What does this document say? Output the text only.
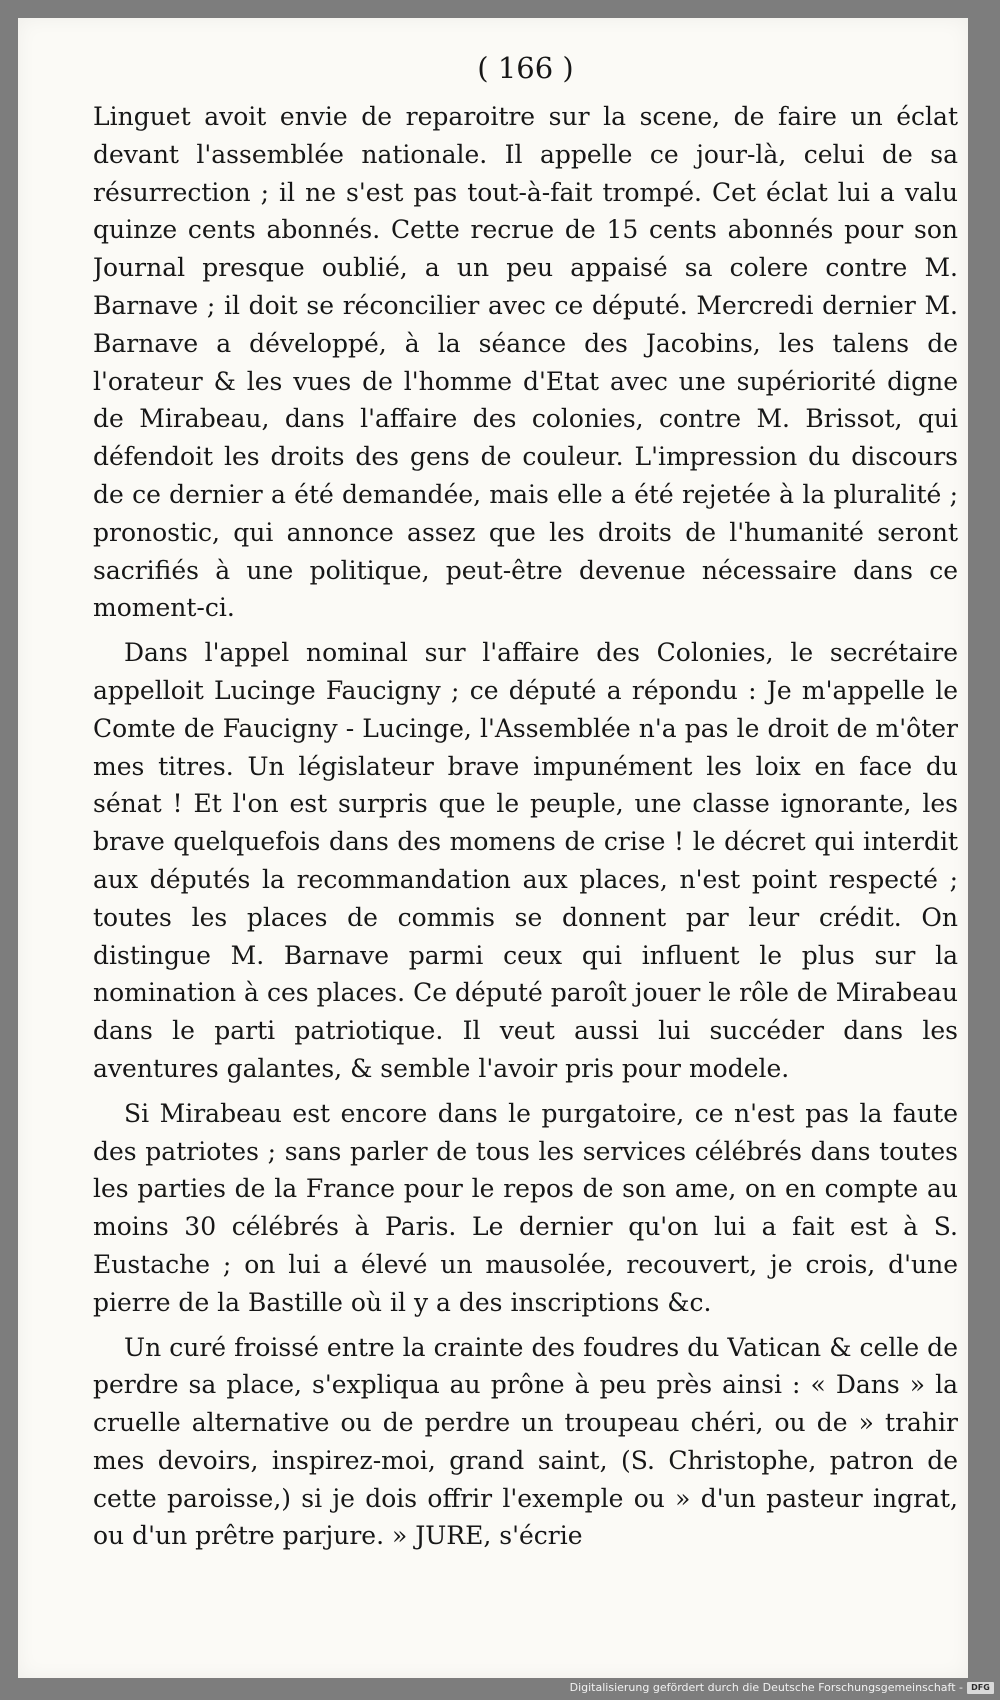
( 166 )

Linguet avoit envie de reparoitre sur la scene, de faire un éclat devant l'assemblée nationale. Il appelle ce jour-là, celui de sa résurrection ; il ne s'est pas tout-à-fait trompé. Cet éclat lui a valu quinze cents abonnés. Cette recrue de 15 cents abonnés pour son Journal presque oublié, a un peu appaisé sa colere contre M. Barnave ; il doit se réconcilier avec ce député. Mercredi dernier M. Barnave a développé, à la séance des Jacobins, les talens de l'orateur & les vues de l'homme d'Etat avec une supériorité digne de Mirabeau, dans l'affaire des colonies, contre M. Brissot, qui défendoit les droits des gens de couleur. L'impression du discours de ce dernier a été demandée, mais elle a été rejetée à la pluralité ; pronostic, qui annonce assez que les droits de l'humanité seront sacrifiés à une politique, peut-être devenue nécessaire dans ce moment-ci.

Dans l'appel nominal sur l'affaire des Colonies, le secrétaire appelloit Lucinge Faucigny ; ce député a répondu : Je m'appelle le Comte de Faucigny - Lucinge, l'Assemblée n'a pas le droit de m'ôter mes titres. Un législateur brave impunément les loix en face du sénat ! Et l'on est surpris que le peuple, une classe ignorante, les brave quelquefois dans des momens de crise ! le décret qui interdit aux députés la recommandation aux places, n'est point respecté ; toutes les places de commis se donnent par leur crédit. On distingue M. Barnave parmi ceux qui influent le plus sur la nomination à ces places. Ce député paroît jouer le rôle de Mirabeau dans le parti patriotique. Il veut aussi lui succéder dans les aventures galantes, & semble l'avoir pris pour modele.

Si Mirabeau est encore dans le purgatoire, ce n'est pas la faute des patriotes ; sans parler de tous les services célébrés dans toutes les parties de la France pour le repos de son ame, on en compte au moins 30 célébrés à Paris. Le dernier qu'on lui a fait est à S. Eustache ; on lui a élevé un mausolée, recouvert, je crois, d'une pierre de la Bastille où il y a des inscriptions &c.

Un curé froissé entre la crainte des foudres du Vatican & celle de perdre sa place, s'expliqua au prône à peu près ainsi : « Dans » la cruelle alternative ou de perdre un troupeau chéri, ou de » trahir mes devoirs, inspirez-moi, grand saint, (S. Christophe, patron de cette paroisse,) si je dois offrir l'exemple ou » d'un pasteur ingrat, ou d'un prêtre parjure. » JURE, s'écrie

Digitalisierung gefördert durch die Deutsche Forschungsgemeinschaft -	DFG
